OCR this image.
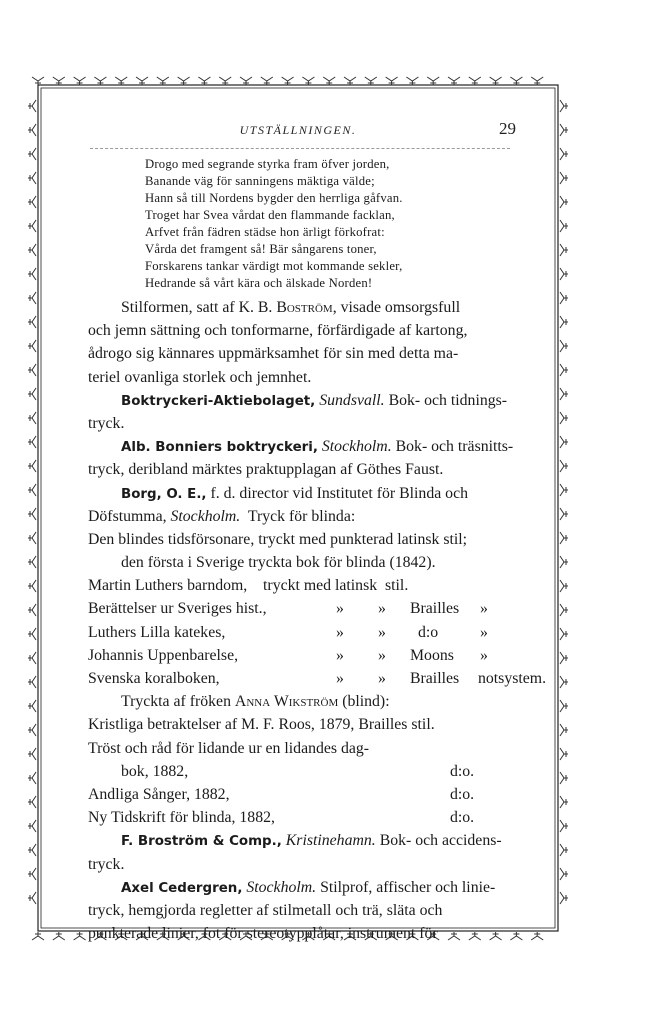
UTSTÄLLNINGEN.	29
Drogo med segrande styrka fram öfver jorden,
Banande väg för sanningens mäktiga välde;
Hann så till Nordens bygder den herrliga gåfvan.
Troget har Svea vårdat den flammande facklan,
Arfvet från fädren städse hon ärligt förkofrat:
Vårda det framgent så! Bär sångarens toner,
Forskarens tankar värdigt mot kommande sekler,
Hedrande så vårt kära och älskade Norden!
Stilformen, satt af K. B. Boström, visade omsorgsfull
och jemn sättning och tonformarne, förfärdigade af kartong,
ådrogo sig kännares uppmärksamhet för sin med detta ma-
teriel ovanliga storlek och jemnhet.
Boktryckeri-Aktiebolaget, Sundsvall. Bok- och tidnings-
tryck.
Alb. Bonniers boktryckeri, Stockholm. Bok- och träsnitts-
tryck, deribland märktes praktupplagan af Göthes Faust.
Borg, O. E., f. d. director vid Institutet för Blinda och
Döfstumma, Stockholm.  Tryck för blinda:
Den blindes tidsförsonare, tryckt med punkterad latinsk stil;
den första i Sverige tryckta bok för blinda (1842).
Martin Luthers barndom,    tryckt med latinsk  stil.
Berättelser ur Sveriges hist.,	» » Brailles »
Luthers Lilla katekes,	» » d:o	»
Johannis Uppenbarelse,	» » Moons »
Svenska koralboken,	» » Brailles notsystem.
Tryckta af fröken Anna Wikström (blind):
Kristliga betraktelser af M. F. Roos, 1879, Brailles stil.
Tröst och råd för lidande ur en lidandes dag-
bok, 1882,	d:o.
Andliga Sånger, 1882,	d:o.
Ny Tidskrift för blinda, 1882,	d:o.
F. Broström & Comp., Kristinehamn. Bok- och accidens-
tryck.
Axel Cedergren, Stockholm. Stilprof, affischer och linie-
tryck, hemgjorda regletter af stilmetall och trä, släta och
punkterade linier, fot för stereotypplåtar, instrument för
